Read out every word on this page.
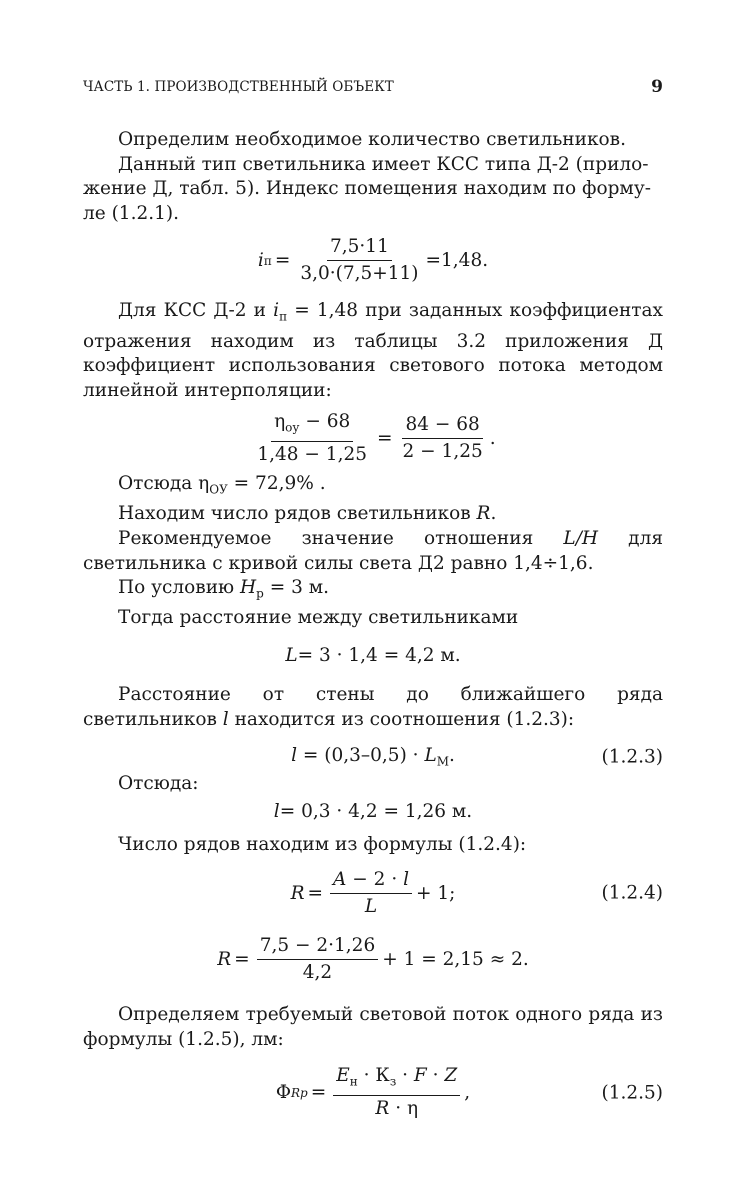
ЧАСТЬ 1. ПРОИЗВОДСТВЕННЫЙ ОБЪЕКТ	9

Определим необходимое количество светильников.

Данный тип светильника имеет КСС типа Д-2 (прило-
жение Д, табл. 5). Индекс помещения находим по форму-
ле (1.2.1).

i $п = \frac{7,5\cdot 11}{3,0\cdot(7,5+11)} =1,48$.

Для КСС Д-2 и $i_п = 1,48$ при заданных коэффициентах отражения находим из таблицы 3.2 приложения Д коэффициент использования светового потока методом линейной интерполяции:

$\frac{\eta_{оу} - 68}{1,48 - 1,25} = \frac{84 - 68}{2 - 1,25}$ .

Отсюда $\eta_{ОУ} = 72,9\%$ .

Находим число рядов светильников R.

Рекомендуемое значение отношения L/H для светильника с кривой силы света Д2 равно 1,4÷1,6.

По условию $H_р = 3$ м.

Тогда расстояние между светильниками

L = 3 · 1,4 = 4,2 м.

Расстояние от стены до ближайшего ряда светильников l находится из соотношения (1.2.3):

$l = (0,3-0,5) \cdot L_М$.	(1.2.3)

Отсюда:

l = 0,3 · 4,2 = 1,26 м.

Число рядов находим из формулы (1.2.4):

$R = \frac{A - 2 \cdot l}{L} + 1$;	(1.2.4)
$R = \frac{7,5 - 2\cdot 1,26}{4,2} + 1 = 2,15 \approx 2$.

Определяем требуемый световой поток одного ряда из формулы (1.2.5), лм:

Φ Rр = $\frac{E_н \cdot К_з \cdot F \cdot Z}{R \cdot \eta}$ ,	(1.2.5)
